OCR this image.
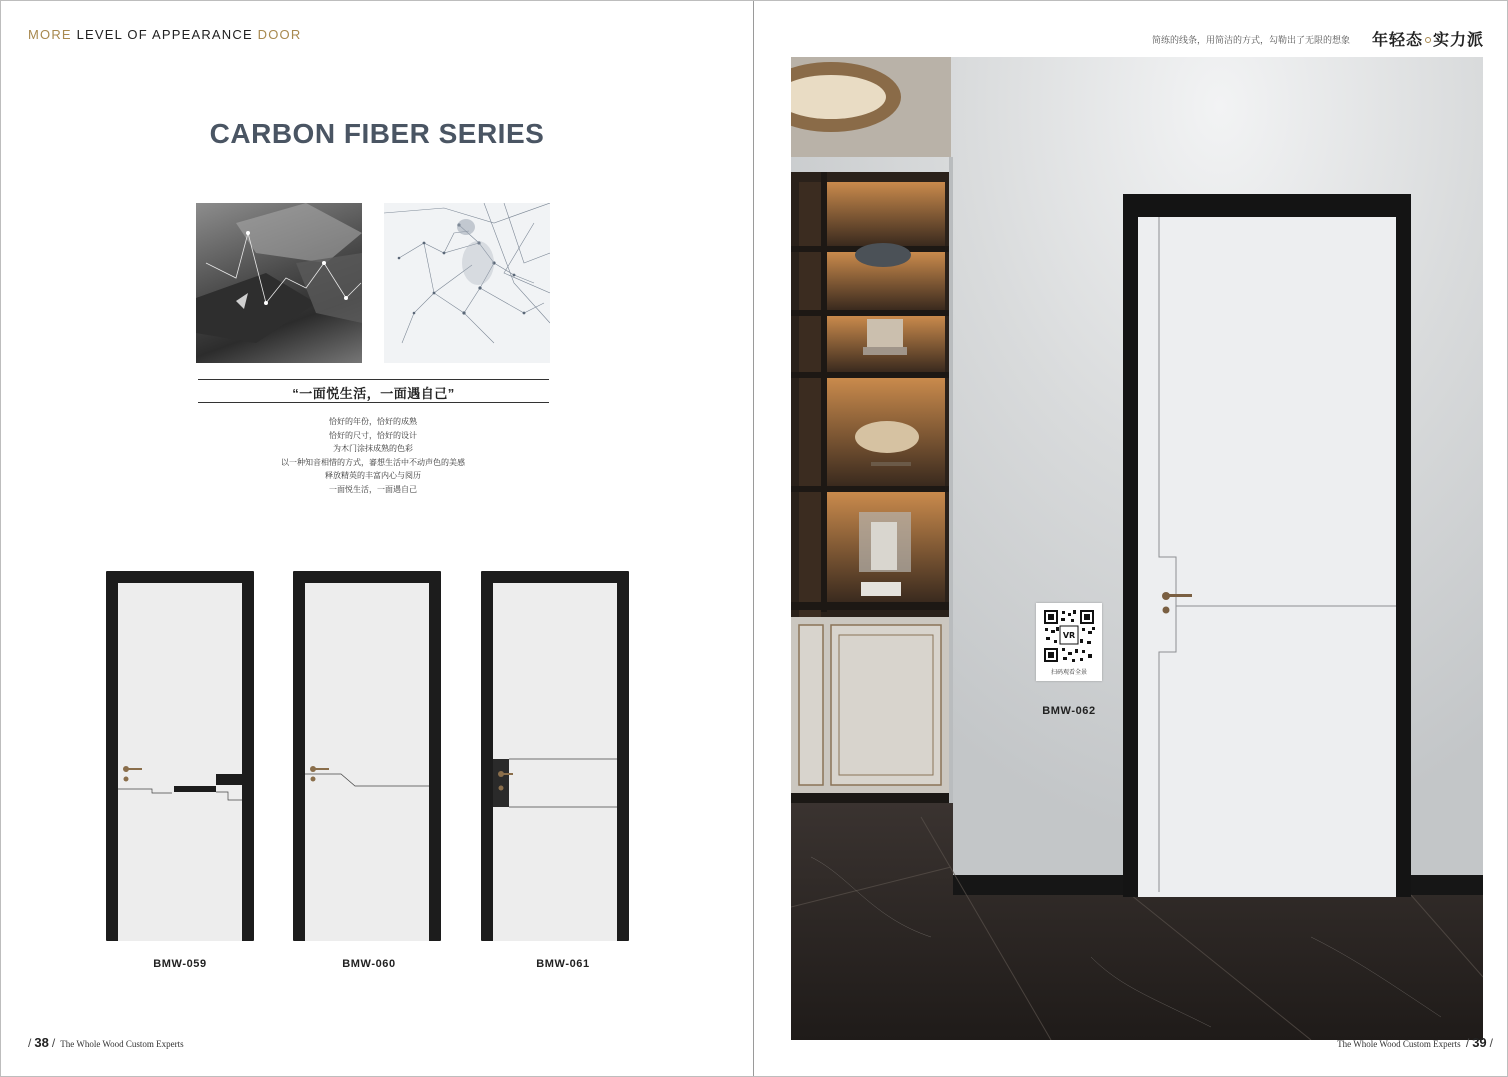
MORE LEVEL OF APPEARANCE DOOR
CARBON FIBER SERIES
“一面悦生活，一面遇自己”
恰好的年份，恰好的成熟
恰好的尺寸，恰好的设计
为木门涂抹成熟的色彩
以一种知音相惜的方式，審想生活中不动声色的美感
释放精英的丰富内心与阅历
一面悦生活，一面遇自己
BMW-059	BMW-060	BMW-061
/ 38 / The Whole Wood Custom Experts
简练的线条，用简洁的方式，勾勒出了无限的想象 年轻态 实力派
VR
扫码观看全景
BMW-062
The Whole Wood Custom Experts / 39 /
